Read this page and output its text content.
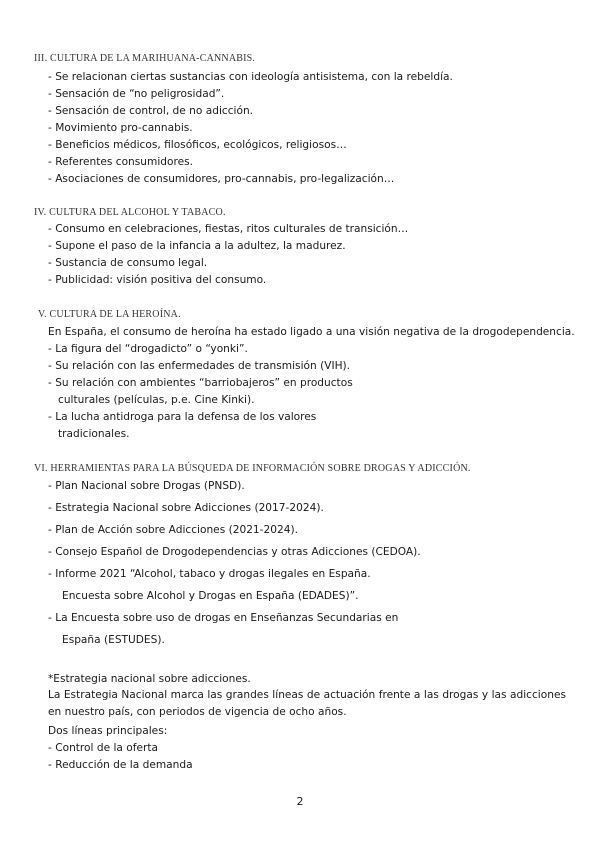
III. CULTURA DE LA MARIHUANA-CANNABIS.
- Se relacionan ciertas sustancias con ideología antisistema, con la rebeldía.
- Sensación de “no peligrosidad”.
- Sensación de control, de no adicción.
- Movimiento pro-cannabis.
- Beneficios médicos, filosóficos, ecológicos, religiosos…
- Referentes consumidores.
- Asociaciones de consumidores, pro-cannabis, pro-legalización…
IV. CULTURA DEL ALCOHOL Y TABACO.
- Consumo en celebraciones, fiestas, ritos culturales de transición…
- Supone el paso de la infancia a la adultez, la madurez.
- Sustancia de consumo legal.
- Publicidad: visión positiva del consumo.
V. CULTURA DE LA HEROÍNA.
En España, el consumo de heroína ha estado ligado a una visión negativa de la drogodependencia.
- La figura del “drogadicto” o “yonki”.
- Su relación con las enfermedades de transmisión (VIH).
- Su relación con ambientes “barriobajeros” en productos
culturales (películas, p.e. Cine Kinki).
- La lucha antidroga para la defensa de los valores
tradicionales.
VI. HERRAMIENTAS PARA LA BÚSQUEDA DE INFORMACIÓN SOBRE DROGAS Y ADICCIÓN.
- Plan Nacional sobre Drogas (PNSD).
- Estrategia Nacional sobre Adicciones (2017-2024).
- Plan de Acción sobre Adicciones (2021-2024).
- Consejo Español de Drogodependencias y otras Adicciones (CEDOA).
- Informe 2021 “Alcohol, tabaco y drogas ilegales en España.
Encuesta sobre Alcohol y Drogas en España (EDADES)”.
- La Encuesta sobre uso de drogas en Enseñanzas Secundarias en
España (ESTUDES).
*Estrategia nacional sobre adicciones.
La Estrategia Nacional marca las grandes líneas de actuación frente a las drogas y las adicciones en nuestro país, con periodos de vigencia de ocho años.
Dos líneas principales:
- Control de la oferta
- Reducción de la demanda
2
